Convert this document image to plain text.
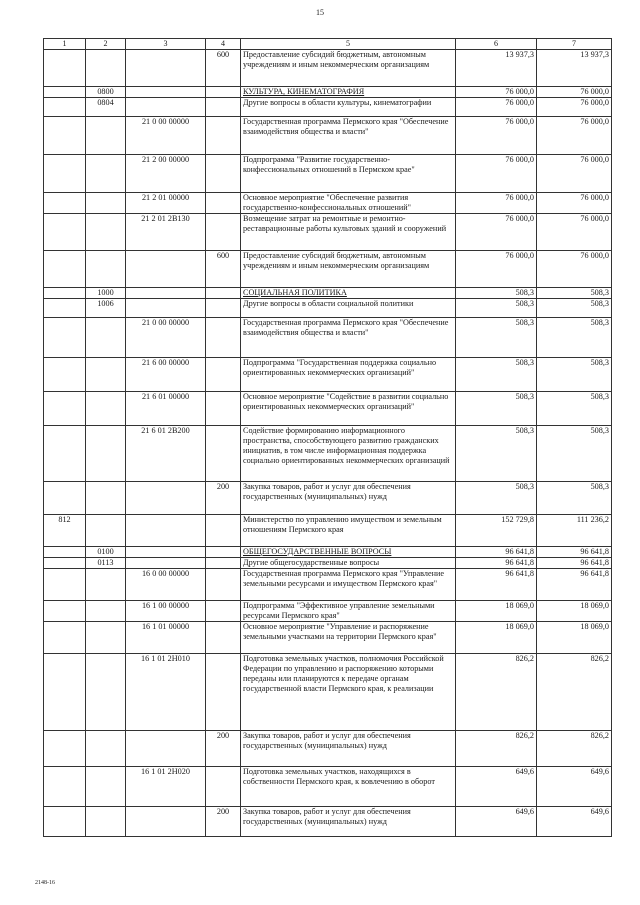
15
1	2	3	4	5	6	7
			600	Предоставление субсидий бюджетным, автономным учреждениям и иным некоммерческим организациям	13 937,3	13 937,3
	0800			КУЛЬТУРА, КИНЕМАТОГРАФИЯ	76 000,0	76 000,0
	0804			Другие вопросы в области культуры, кинематографии	76 000,0	76 000,0
		21 0 00 00000		Государственная программа Пермского края "Обеспечение взаимодействия общества и власти"	76 000,0	76 000,0
		21 2 00 00000		Подпрограмма "Развитие государственно-конфессиональных отношений в Пермском крае"	76 000,0	76 000,0
		21 2 01 00000		Основное мероприятие "Обеспечение развития государственно-конфессиональных отношений"	76 000,0	76 000,0
		21 2 01 2В130		Возмещение затрат на ремонтные и ремонтно-реставрационные работы культовых зданий и сооружений	76 000,0	76 000,0
			600	Предоставление субсидий бюджетным, автономным учреждениям и иным некоммерческим организациям	76 000,0	76 000,0
	1000			СОЦИАЛЬНАЯ ПОЛИТИКА	508,3	508,3
	1006			Другие вопросы в области социальной политики	508,3	508,3
		21 0 00 00000		Государственная программа Пермского края "Обеспечение взаимодействия общества и власти"	508,3	508,3
		21 6 00 00000		Подпрограмма "Государственная поддержка социально ориентированных некоммерческих организаций"	508,3	508,3
		21 6 01 00000		Основное мероприятие "Содействие в развитии социально ориентированных некоммерческих организаций"	508,3	508,3
		21 6 01 2В200		Содействие формированию информационного пространства, способствующего развитию гражданских инициатив, в том числе информационная поддержка социально ориентированных некоммерческих организаций	508,3	508,3
			200	Закупка товаров, работ и услуг для обеспечения государственных (муниципальных) нужд	508,3	508,3
812				Министерство по управлению имуществом и земельным отношениям Пермского края	152 729,8	111 236,2
	0100			ОБЩЕГОСУДАРСТВЕННЫЕ ВОПРОСЫ	96 641,8	96 641,8
	0113			Другие общегосударственные вопросы	96 641,8	96 641,8
		16 0 00 00000		Государственная программа Пермского края "Управление земельными ресурсами и имуществом Пермского края"	96 641,8	96 641,8
		16 1 00 00000		Подпрограмма "Эффективное управление земельными ресурсами Пермского края"	18 069,0	18 069,0
		16 1 01 00000		Основное мероприятие "Управление и распоряжение земельными участками на территории Пермского края"	18 069,0	18 069,0
		16 1 01 2Н010		Подготовка земельных участков, полномочия Российской Федерации по управлению и распоряжению которыми переданы или планируются к передаче органам государственной власти Пермского края, к реализации	826,2	826,2
			200	Закупка товаров, работ и услуг для обеспечения государственных (муниципальных) нужд	826,2	826,2
		16 1 01 2Н020		Подготовка земельных участков, находящихся в собственности Пермского края, к вовлечению в оборот	649,6	649,6
			200	Закупка товаров, работ и услуг для обеспечения государственных (муниципальных) нужд	649,6	649,6
2148-16
